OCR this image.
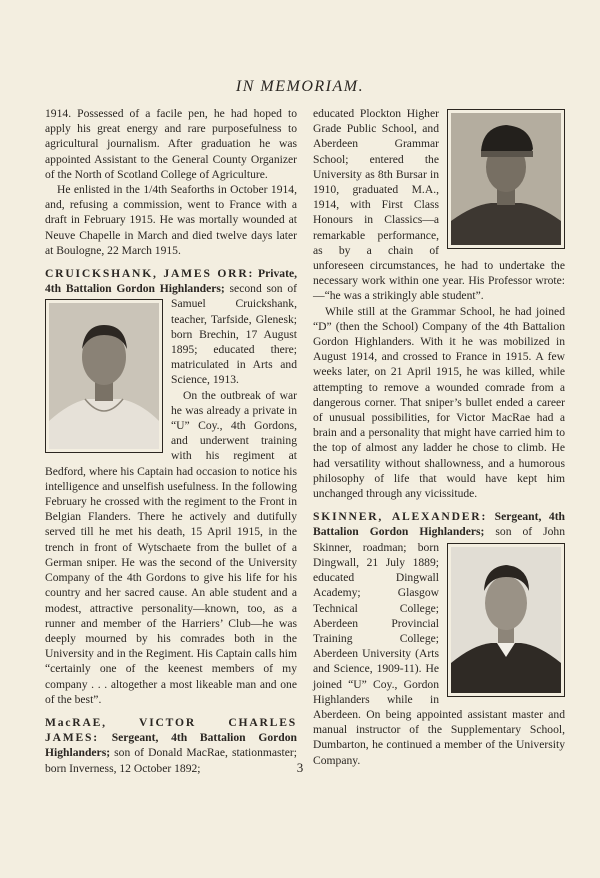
IN MEMORIAM.

1914. Possessed of a facile pen, he had hoped to apply his great energy and rare purposefulness to agricultural journalism. After graduation he was appointed Assistant to the General County Organizer of the North of Scotland College of Agriculture.

He enlisted in the 1/4th Seaforths in October 1914, and, refusing a commission, went to France with a draft in February 1915. He was mortally wounded at Neuve Chapelle in March and died twelve days later at Boulogne, 22 March 1915.

CRUICKSHANK, JAMES ORR: Private, 4th Battalion Gordon Highlanders;
second son of Samuel Cruickshank, teacher, Tarfside, Glenesk; born Brechin, 17 August 1895; educated there; matriculated in Arts and Science, 1913.

On the outbreak of war he was already a private in “U” Coy., 4th Gordons, and underwent training with his regiment at Bedford, where his Captain had occasion to notice his intelligence and unselfish usefulness. In the following February he crossed with the regiment to the Front in Belgian Flanders. There he actively and dutifully served till he met his death, 15 April 1915, in the trench in front of Wytschaete from the bullet of a German sniper. He was the second of the University Company of the 4th Gordons to give his life for his country and her sacred cause. An able student and a modest, attractive personality—known, too, as a runner and member of the Harriers’ Club—he was deeply mourned by his comrades both in the University and in the Regiment. His Captain calls him “certainly one of the keenest members of my company . . . altogether a most likeable man and one of the best”.

MacRAE, VICTOR CHARLES JAMES: Sergeant, 4th Battalion Gordon Highlanders; son of Donald MacRae, stationmaster; born Inverness, 12 October 1892;

educated Plockton Higher Grade Public School, and Aberdeen Grammar School; entered the University as 8th Bursar in 1910, graduated M.A., 1914, with First Class Honours in Classics—a remarkable performance, as by a chain of unforeseen circumstances, he had to undertake the necessary work within one year. His Professor wrote:—“he was a strikingly able student”.

While still at the Grammar School, he had joined “D” (then the School) Company of the 4th Battalion Gordon Highlanders. With it he was mobilized in August 1914, and crossed to France in 1915. A few weeks later, on 21 April 1915, he was killed, while attempting to remove a wounded comrade from a dangerous corner. That sniper’s bullet ended a career of unusual possibilities, for Victor MacRae had a brain and a personality that might have carried him to the top of almost any ladder he chose to climb. He had versatility without shallowness, and a humorous philosophy of life that would have kept him unchanged through any vicissitude.

SKINNER, ALEXANDER: Sergeant, 4th Battalion Gordon Highlanders;
son of John Skinner, roadman; born Dingwall, 21 July 1889; educated Dingwall Academy; Glasgow Technical College; Aberdeen Provincial Training College; Aberdeen University (Arts and Science, 1909-11). He joined “U” Coy., Gordon Highlanders while in Aberdeen. On being appointed assistant master and manual instructor of the Supplementary School, Dumbarton, he continued a member of the University Company.

3
